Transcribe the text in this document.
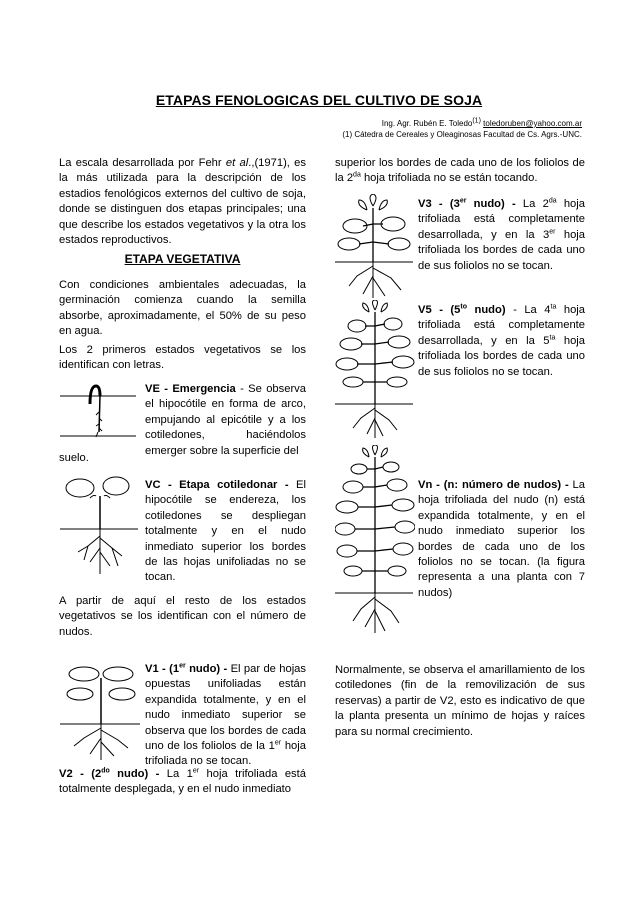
ETAPAS FENOLOGICAS DEL CULTIVO DE SOJA
Ing. Agr. Rubén E. Toledo$^{(1)}$ toledoruben@yahoo.com.ar
(1) Cátedra de Cereales y Oleaginosas Facultad de Cs. Agrs.-UNC.
La escala desarrollada por Fehr et al.,(1971), es la más utilizada para la descripción de los estadios fenológicos externos del cultivo de soja, donde se distinguen dos etapas principales; una que describe los estados vegetativos y la otra los estados reproductivos.
ETAPA VEGETATIVA
Con condiciones ambientales adecuadas, la germinación comienza cuando la semilla absorbe, aproximadamente, el 50% de su peso en agua.
Los 2 primeros estados vegetativos se los identifican con letras.
VE - Emergencia - Se observa el hipocótile en forma de arco, empujando al epicótile y a los cotiledones, haciéndolos emerger sobre la superficie del
suelo.
VC - Etapa cotiledonar - El hipocótile se endereza, los cotiledones se despliegan totalmente y en el nudo inmediato superior los bordes de las hojas unifoliadas no se tocan.
A partir de aquí el resto de los estados vegetativos se los identifican con el número de nudos.
V1 - (1er nudo) - El par de hojas opuestas unifoliadas están expandida totalmente, y en el nudo inmediato superior se observa que los bordes de cada uno de los foliolos de la 1er hoja trifoliada no se tocan.
$V2 - (2^{do}$ nudo) - La 1er hoja trifoliada está totalmente desplegada, y en el nudo inmediato
superior los bordes de cada uno de los foliolos de la $2^{da}$ hoja trifoliada no se están tocando.
V3 - (3er nudo) - La $2^{da}$ hoja trifoliada está completamente desarrollada, y en la 3er hoja trifoliada los bordes de cada uno de sus foliolos no se tocan.
$V5 - (5^{to}$ nudo) - La $4^{ta}$ hoja trifoliada está completamente desarrollada, y en la $5^{ta}$ hoja trifoliada los bordes de cada uno de sus foliolos no se tocan.
Vn - (n: número de nudos) - La hoja trifoliada del nudo (n) está expandida totalmente, y en el nudo inmediato superior los bordes de cada uno de los foliolos no se tocan. (la figura representa a una planta con 7 nudos)
Normalmente, se observa el amarillamiento de los cotiledones (fin de la removilización de sus reservas) a partir de V2, esto es indicativo de que la planta presenta un mínimo de hojas y raíces para su normal crecimiento.
